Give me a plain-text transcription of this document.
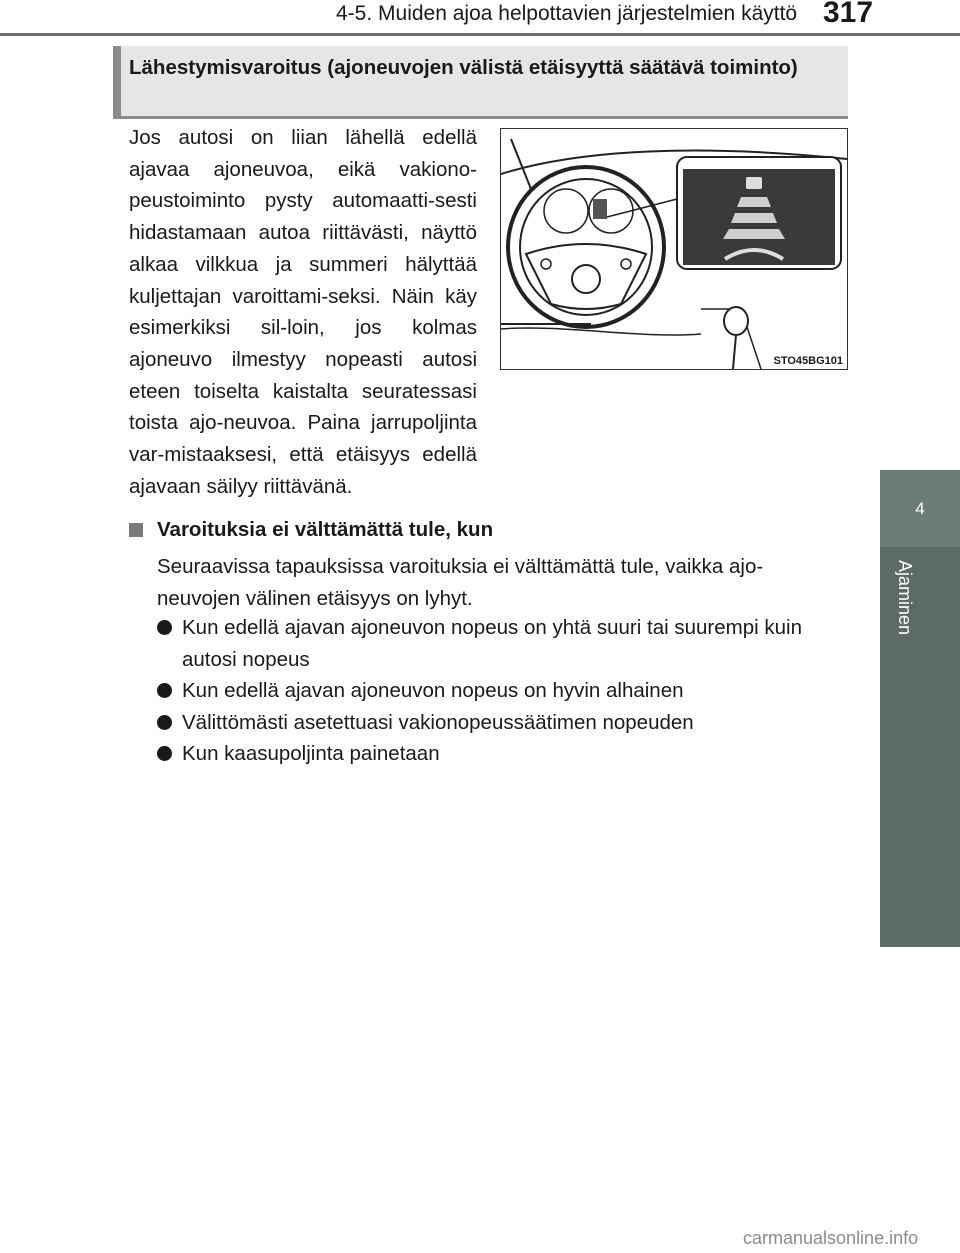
4-5. Muiden ajoa helpottavien järjestelmien käyttö 317
4
Ajaminen
Lähestymisvaroitus (ajoneuvojen välistä etäisyyttä säätävä toiminto)
Jos autosi on liian lähellä edellä ajavaa ajoneuvoa, eikä vakiono-peustoiminto pysty automaatti-sesti hidastamaan autoa riittävästi, näyttö alkaa vilkkua ja summeri hälyttää kuljettajan varoittami-seksi. Näin käy esimerkiksi sil-loin, jos kolmas ajoneuvo ilmestyy nopeasti autosi eteen toiselta kaistalta seuratessasi toista ajo-neuvoa. Paina jarrupoljinta var-mistaaksesi, että etäisyys edellä ajavaan säilyy riittävänä.
STO45BG101
Varoituksia ei välttämättä tule, kun
Seuraavissa tapauksissa varoituksia ei välttämättä tule, vaikka ajo-neuvojen välinen etäisyys on lyhyt.
Kun edellä ajavan ajoneuvon nopeus on yhtä suuri tai suurempi kuin autosi nopeus
Kun edellä ajavan ajoneuvon nopeus on hyvin alhainen
Välittömästi asetettuasi vakionopeussäätimen nopeuden
Kun kaasupoljinta painetaan
carmanualsonline.info
